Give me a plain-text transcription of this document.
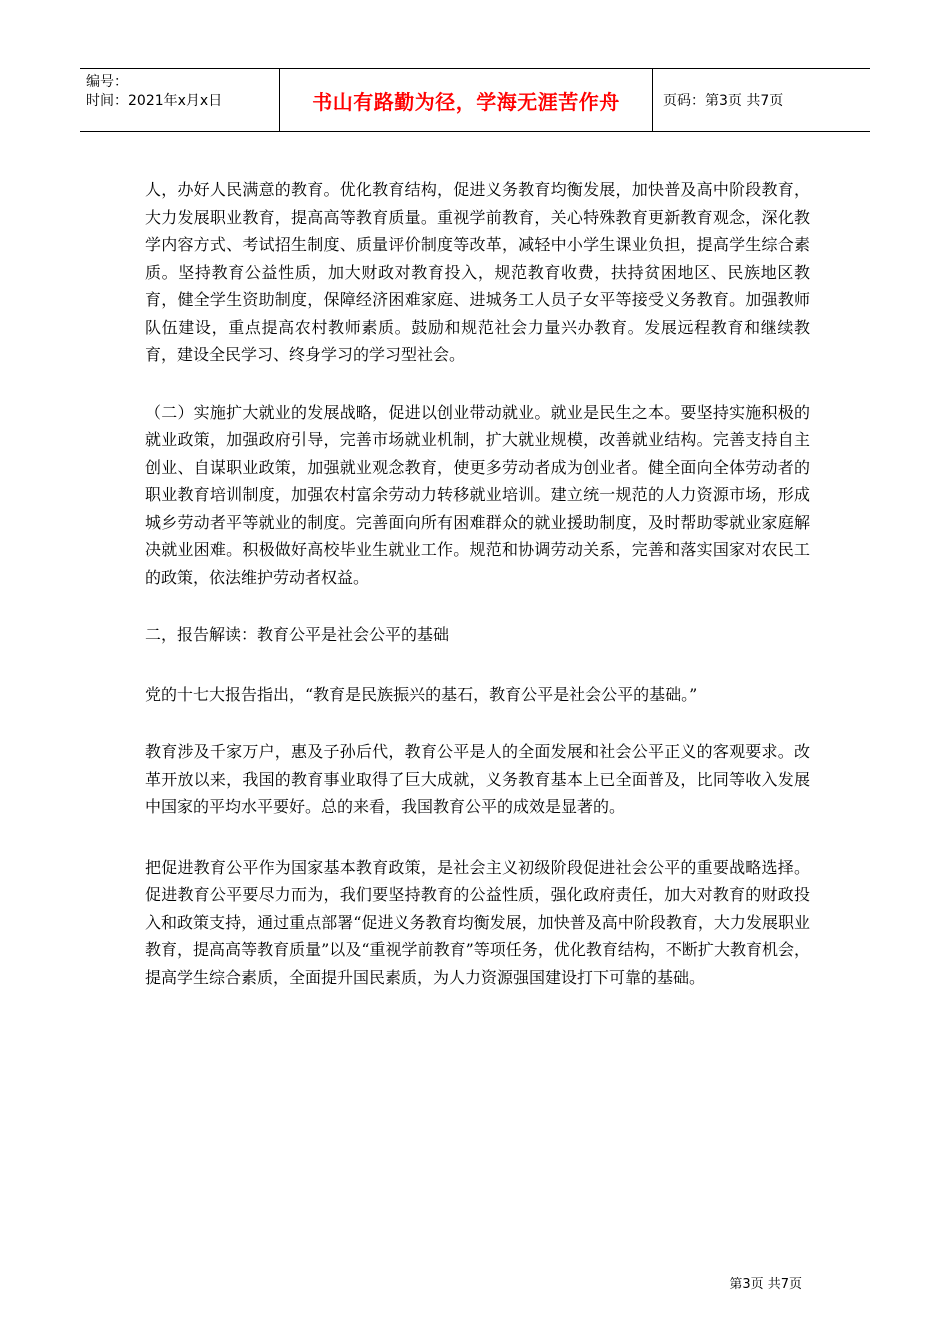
编号：
时间：2021年x月x日	书山有路勤为径，学海无涯苦作舟	页码：第3页 共7页

人，办好人民满意的教育。优化教育结构，促进义务教育均衡发展，加快普及高中阶段教育，大力发展职业教育，提高高等教育质量。重视学前教育，关心特殊教育更新教育观念，深化教学内容方式、考试招生制度、质量评价制度等改革，减轻中小学生课业负担，提高学生综合素质。坚持教育公益性质，加大财政对教育投入，规范教育收费，扶持贫困地区、民族地区教育，健全学生资助制度，保障经济困难家庭、进城务工人员子女平等接受义务教育。加强教师队伍建设，重点提高农村教师素质。鼓励和规范社会力量兴办教育。发展远程教育和继续教育，建设全民学习、终身学习的学习型社会。

（二）实施扩大就业的发展战略，促进以创业带动就业。就业是民生之本。要坚持实施积极的就业政策，加强政府引导，完善市场就业机制，扩大就业规模，改善就业结构。完善支持自主创业、自谋职业政策，加强就业观念教育，使更多劳动者成为创业者。健全面向全体劳动者的职业教育培训制度，加强农村富余劳动力转移就业培训。建立统一规范的人力资源市场，形成城乡劳动者平等就业的制度。完善面向所有困难群众的就业援助制度，及时帮助零就业家庭解决就业困难。积极做好高校毕业生就业工作。规范和协调劳动关系，完善和落实国家对农民工的政策，依法维护劳动者权益。

二，报告解读：教育公平是社会公平的基础

党的十七大报告指出，“教育是民族振兴的基石，教育公平是社会公平的基础。”

教育涉及千家万户，惠及子孙后代，教育公平是人的全面发展和社会公平正义的客观要求。改革开放以来，我国的教育事业取得了巨大成就，义务教育基本上已全面普及，比同等收入发展中国家的平均水平要好。总的来看，我国教育公平的成效是显著的。

把促进教育公平作为国家基本教育政策，是社会主义初级阶段促进社会公平的重要战略选择。促进教育公平要尽力而为，我们要坚持教育的公益性质，强化政府责任，加大对教育的财政投入和政策支持，通过重点部署“促进义务教育均衡发展，加快普及高中阶段教育，大力发展职业教育，提高高等教育质量”以及“重视学前教育”等项任务，优化教育结构，不断扩大教育机会，提高学生综合素质，全面提升国民素质，为人力资源强国建设打下可靠的基础。

第3页 共7页
